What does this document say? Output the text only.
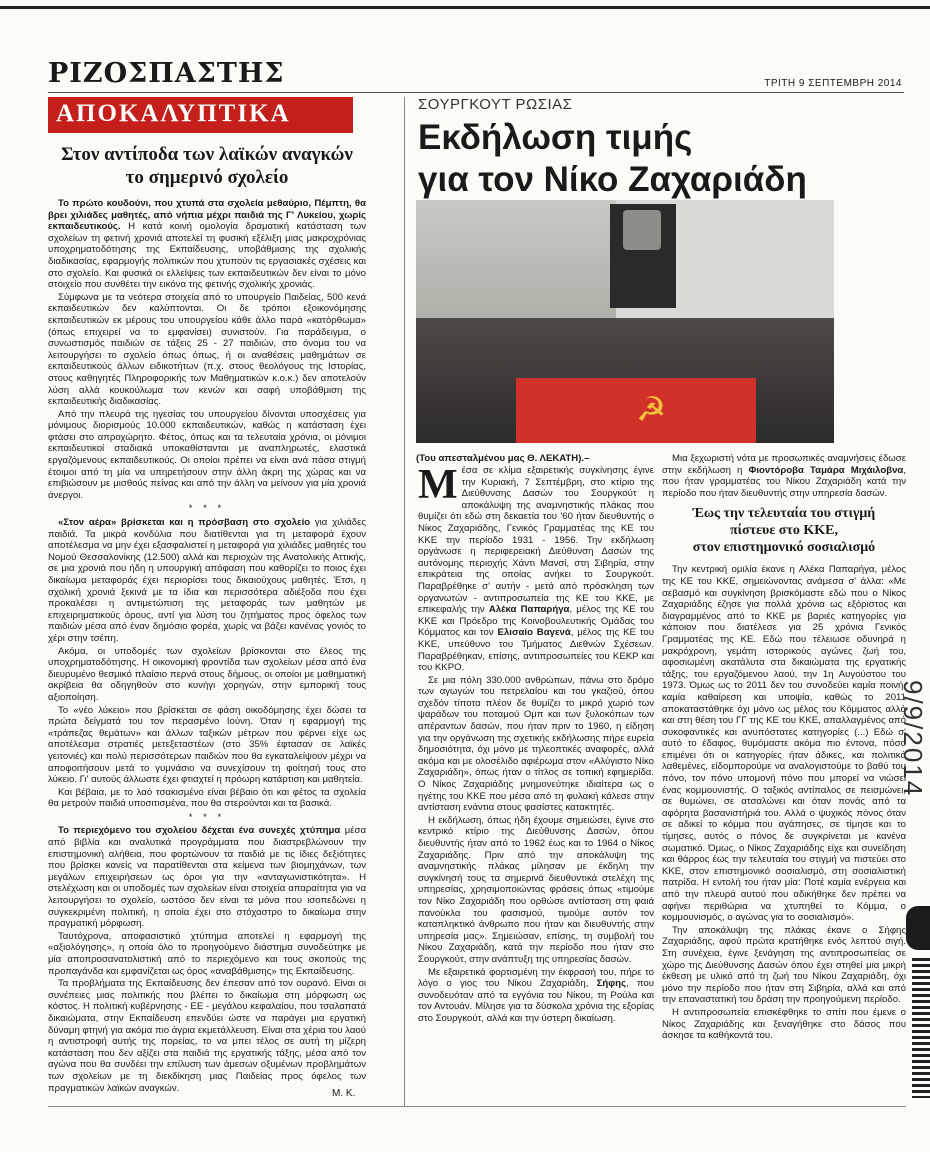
ΡΙΖΟΣΠΑΣΤΗΣ	ΤΡΙΤΗ 9 ΣΕΠΤΕΜΒΡΗ 2014
ΑΠΟΚΑΛΥΠΤΙΚΑ
Στον αντίποδα των λαϊκών αναγκών
το σημερινό σχολείο

Το πρώτο κουδούνι, που χτυπά στα σχολεία μεθαύριο, Πέμπτη, θα βρει χιλιάδες μαθητές, από νήπια μέχρι παιδιά της Γ' Λυκείου, χωρίς εκπαιδευτικούς. Η κατά κοινή ομολογία δραματική κατάσταση των σχολείων τη φετινή χρονιά αποτελεί τη φυσική εξέλιξη μιας μακροχρόνιας υποχρηματοδότησης της Εκπαίδευσης, υποβάθμισης της σχολικής διαδικασίας, εφαρμογής πολιτικών που χτυπούν τις εργασιακές σχέσεις και στο σχολείο. Και φυσικά οι ελλείψεις των εκπαιδευτικών δεν είναι το μόνο στοιχείο που συνθέτει την εικόνα της φετινής σχολικής χρονιάς.

Σύμφωνα με τα νεότερα στοιχεία από το υπουργείο Παιδείας, 500 κενά εκπαιδευτικών δεν καλύπτονται. Οι δε τρόποι εξοικονόμησης εκπαιδευτικών εκ μέρους του υπουργείου κάθε άλλο παρά «κατόρθωμα» (όπως επιχειρεί να το εμφανίσει) συνιστούν. Για παράδειγμα, ο συνωστισμός παιδιών σε τάξεις 25 - 27 παιδιών, στο όνομα του να λειτουργήσει το σχολείο όπως όπως, ή οι αναθέσεις μαθημάτων σε εκπαιδευτικούς άλλων ειδικοτήτων (π.χ. στους θεολόγους της Ιστορίας, στους καθηγητές Πληροφορικής των Μαθηματικών κ.ο.κ.) δεν αποτελούν λύση αλλά κουκούλωμα των κενών και σαφή υποβάθμιση της εκπαιδευτικής διαδικασίας.

Από την πλευρά της ηγεσίας του υπουργείου δίνονται υποσχέσεις για μόνιμους διορισμούς 10.000 εκπαιδευτικών, καθώς η κατάσταση έχει φτάσει στο απροχώρητο. Φέτος, όπως και τα τελευταία χρόνια, οι μόνιμοι εκπαιδευτικοί σταδιακά υποκαθίστανται με αναπληρωτές, ελαστικά εργαζόμενους εκπαιδευτικούς. Οι οποίοι πρέπει να είναι ανά πάσα στιγμή έτοιμοι από τη μία να υπηρετήσουν στην άλλη άκρη της χώρας και να επιβιώσουν με μισθούς πείνας και από την άλλη να μείνουν για μία χρονιά άνεργοι.

* * *

«Στον αέρα» βρίσκεται και η πρόσβαση στο σχολείο για χιλιάδες παιδιά. Τα μικρά κονδύλια που διατίθενται για τη μεταφορά έχουν αποτέλεσμα να μην έχει εξασφαλιστεί η μεταφορά για χιλιάδες μαθητές του Νομού Θεσσαλονίκης (12.500) αλλά και περιοχών της Ανατολικής Αττικής, σε μια χρονιά που ήδη η υπουργική απόφαση που καθορίζει το ποιος έχει δικαίωμα μεταφοράς έχει περιορίσει τους δικαιούχους μαθητές. Έτσι, η σχολική χρονιά ξεκινά με τα ίδια και περισσότερα αδιέξοδα που έχει προκαλέσει η αντιμετώπιση της μεταφοράς των μαθητών με επιχειρηματικούς όρους, αντί για λύση του ζητήματος προς όφελος των παιδιών μέσα από έναν δημόσιο φορέα, χωρίς να βάζει κανένας γονιός το χέρι στην τσέπη.

Ακόμα, οι υποδομές των σχολείων βρίσκονται στο έλεος της υποχρηματοδότησης. Η οικονομική φροντίδα των σχολείων μέσα από ένα διευρυμένο θεσμικό πλαίσιο περνά στους δήμους, οι οποίοι με μαθηματική ακρίβεια θα οδηγηθούν στο κυνήγι χορηγών, στην εμπορική τους αξιοποίηση.

Το «νέο λύκειο» που βρίσκεται σε φάση οικοδόμησης έχει δώσει τα πρώτα δείγματά του τον περασμένο Ιούνη. Όταν η εφαρμογή της «τράπεζας θεμάτων» και άλλων ταξικών μέτρων που φέρνει είχε ως αποτέλεσμα στρατιές μετεξεταστέων (στο 35% έφτασαν σε λαϊκές γειτονιές) και πολύ περισσότερων παιδιών που θα εγκαταλείψουν μέχρι να αποφοιτήσουν μετά το γυμνάσιο να συνεχίσουν τη φοίτησή τους στο λύκειο. Γι' αυτούς άλλωστε έχει φτιαχτεί η πρόωρη κατάρτιση και μαθητεία.

Και βέβαια, με το λαό τσακισμένο είναι βέβαιο ότι και φέτος τα σχολεία θα μετρούν παιδιά υποσιτισμένα, που θα στερούνται και τα βασικά.

* * *

Το περιεχόμενο του σχολείου δέχεται ένα συνεχές χτύπημα μέσα από βιβλία και αναλυτικά προγράμματα που διαστρεβλώνουν την επιστημονική αλήθεια, που φορτώνουν τα παιδιά με τις ίδιες δεξιότητες που βρίσκει κανείς να παρατίθενται στα κείμενα των βιομηχάνων, των μεγάλων επιχειρήσεων ως όροι για την «ανταγωνιστικότητα». Η στελέχωση και οι υποδομές των σχολείων είναι στοιχεία απαραίτητα για να λειτουργήσει το σχολείο, ωστόσο δεν είναι τα μόνα που ισοπεδώνει η συγκεκριμένη πολιτική, η οποία έχει στο στόχαστρο το δικαίωμα στην πραγματική μόρφωση.

Ταυτόχρονα, αποφασιστικό χτύπημα αποτελεί η εφαρμογή της «αξιολόγησης», η οποία όλο το προηγούμενο διάστημα συνοδεύτηκε με μία αποπροσανατολιστική από το περιεχόμενο και τους σκοπούς της προπαγάνδα και εμφανίζεται ως όρος «αναβάθμισης» της Εκπαίδευσης.

Τα προβλήματα της Εκπαίδευσης δεν έπεσαν από τον ουρανό. Είναι οι συνέπειες μιας πολιτικής που βλέπει το δικαίωμα στη μόρφωση ως κόστος. Η πολιτική κυβέρνησης - ΕΕ - μεγάλου κεφαλαίου, που τσαλαπατά δικαιώματα, στην Εκπαίδευση επενδύει ώστε να παράγει μια εργατική δύναμη φτηνή για ακόμα πιο άγρια εκμετάλλευση. Είναι στα χέρια του λαού η αντιστροφή αυτής της πορείας, το να μπει τέλος σε αυτή τη μίζερη κατάσταση που δεν αξίζει στα παιδιά της εργατικής τάξης, μέσα από τον αγώνα που θα συνδέει την επίλυση των άμεσων οξυμένων προβλημάτων των σχολείων με τη διεκδίκηση μιας Παιδείας προς όφελος των πραγματικών λαϊκών αναγκών.	Μ. Κ.
ΣΟΥΡΓΚΟΥΤ ΡΩΣΙΑΣ
Εκδήλωση τιμής
για τον Νίκο Ζαχαριάδη
☭
(Του απεσταλμένου μας Θ. ΛΕΚΑΤΗ).–

Μέσα σε κλίμα εξαιρετικής συγκίνησης έγινε την Κυριακή, 7 Σεπτέμβρη, στο κτίριο της Διεύθυνσης Δασών του Σουργκούτ η αποκάλυψη της αναμνηστικής πλάκας που θυμίζει ότι εδώ στη δεκαετία του '60 ήταν διευθυντής ο Νίκος Ζαχαριάδης, Γενικός Γραμματέας της ΚΕ του ΚΚΕ την περίοδο 1931 - 1956. Την εκδήλωση οργάνωσε η περιφερειακή Διεύθυνση Δασών της αυτόνομης περιοχής Χάντι Μανσί, στη Σιβηρία, στην επικράτεια της οποίας ανήκει το Σουργκούτ. Παραβρέθηκε σ' αυτήν - μετά από πρόσκληση των οργανωτών - αντιπροσωπεία της ΚΕ του ΚΚΕ, με επικεφαλής την Αλέκα Παπαρήγα, μέλος της ΚΕ του ΚΚΕ και Πρόεδρο της Κοινοβουλευτικής Ομάδας του Κόμματος και τον Ελισαίο Βαγενά, μέλος της ΚΕ του ΚΚΕ, υπεύθυνο του Τμήματος Διεθνών Σχέσεων. Παραβρέθηκαν, επίσης, αντιπροσωπείες του ΚΕΚΡ και του ΚΚΡΟ.

Σε μια πόλη 330.000 ανθρώπων, πάνω στο δρόμο των αγωγών του πετρελαίου και του γκαζιού, όπου σχεδόν τίποτα πλέον δε θυμίζει το μικρό χωριό των ψαράδων του ποταμού Ομπ και των ξυλοκόπων των απέραντων δασών, που ήταν πριν το 1960, η είδηση για την οργάνωση της σχετικής εκδήλωσης πήρε ευρεία δημοσιότητα, όχι μόνο με τηλεοπτικές αναφορές, αλλά ακόμα και με ολοσέλιδο αφιέρωμα στον «Αλύγιστο Νίκο Ζαχαριάδη», όπως ήταν ο τίτλος σε τοπική εφημερίδα. Ο Νίκος Ζαχαριάδης μνημονεύτηκε ιδιαίτερα ως ο ηγέτης του ΚΚΕ που μέσα από τη φυλακή κάλεσε στην αντίσταση ενάντια στους φασίστες κατακτητές.

Η εκδήλωση, όπως ήδη έχουμε σημειώσει, έγινε στο κεντρικό κτίριο της Διεύθυνσης Δασών, όπου διευθυντής ήταν από το 1962 έως και το 1964 ο Νίκος Ζαχαριάδης. Πριν από την αποκάλυψη της αναμνηστικής πλάκας μίλησαν με έκδηλη την συγκίνησή τους τα σημερινά διευθυντικά στελέχη της υπηρεσίας, χρησιμοποιώντας φράσεις όπως «τιμούμε τον Νίκο Ζαχαριάδη που ορθώσε αντίσταση στη φαιά πανούκλα του φασισμού, τιμούμε αυτόν τον καταπληκτικό άνθρωπο που ήταν και διευθυντής στην υπηρεσία μας». Σημειώσαν, επίσης, τη συμβολή του Νίκου Ζαχαριάδη, κατά την περίοδο που ήταν στο Σουργκούτ, στην ανάπτυξη της υπηρεσίας δασών.

Με εξαιρετικά φορτισμένη την έκφρασή του, πήρε το λόγο ο γιος του Νίκου Ζαχαριάδη, Σήφης, που συνοδευόταν από τα εγγόνια του Νίκου, τη Ρούλα και τον Αντουάν. Μίλησε για τα δύσκολα χρόνια της εξορίας στο Σουργκούτ, αλλά και την ύστερη δικαίωση.

Μια ξεχωριστή νότα με προσωπικές αναμνήσεις έδωσε στην εκδήλωση η Φιοντόροβα Ταμάρα Μιχάιλοβνα, που ήταν γραμματέας του Νίκου Ζαχαριάδη κατά την περίοδο που ήταν διευθυντής στην υπηρεσία δασών.

Έως την τελευταία του στιγμή
πίστευε στο ΚΚΕ,
στον επιστημονικό σοσιαλισμό

Την κεντρική ομιλία έκανε η Αλέκα Παπαρήγα, μέλος της ΚΕ του ΚΚΕ, σημειώνοντας ανάμεσα σ' άλλα: «Με σεβασμό και συγκίνηση βρισκόμαστε εδώ που ο Νίκος Ζαχαριάδης έζησε για πολλά χρόνια ως εξόριστος και διαγραμμένος από το ΚΚΕ με βαριές κατηγορίες για κάποιον που διατέλεσε για 25 χρόνια Γενικός Γραμματέας της ΚΕ. Εδώ που τέλειωσε οδυνηρά η μακρόχρονη, γεμάτη ιστορικούς αγώνες ζωή του, αφοσιωμένη ακατάλυτα στα δικαιώματα της εργατικής τάξης, του εργαζόμενου λαού, την 1η Αυγούστου του 1973. Όμως ως το 2011 δεν του συνοδεύει καμία ποινή, καμία καθαίρεση και υποψία, καθώς το 2011 αποκαταστάθηκε όχι μόνο ως μέλος του Κόμματος αλλά και στη θέση του ΓΓ της ΚΕ του ΚΚΕ, απαλλαγμένος από συκοφαντικές και ανυπόστατες κατηγορίες (...) Εδώ σ' αυτό το έδαφος, θυμόμαστε ακόμα πιο έντονα, πόσο επιμένει ότι οι κατηγορίες ήταν άδικες, και πολιτικά λαθεμένες, είδομπορούμε να αναλογιστούμε το βαθύ του πόνο, τον πόνο υπομονή πόνο που μπορεί να νιώσει ένας κομμουνιστής. Ο ταξικός αντίπαλος σε πεισμώνει, σε θυμώνει, σε ατσαλώνει και όταν πονάς από τα αφόρητα βασανιστήριά του. Αλλά ο ψυχικός πόνος όταν σε αδικεί το κόμμα που αγάπησες, σε τίμησε και το τίμησες, αυτός ο πόνος δε συγκρίνεται με κανένα σωματικό. Όμως, ο Νίκος Ζαχαριάδης είχε και συνείδηση και θάρρος έως την τελευταία του στιγμή να πιστεύει στο ΚΚΕ, στον επιστημονικό σοσιαλισμό, στη σοσιαλιστική πατρίδα. Η εντολή του ήταν μία: Ποτέ καμία ενέργεια και από την πλευρά αυτού που αδικήθηκε δεν πρέπει να αφήνει περιθώρια να χτυπηθεί το Κόμμα, ο κομμουνισμός, ο αγώνας για το σοσιαλισμό».

Την αποκάλυψη της πλάκας έκανε ο Σήφης Ζαχαριάδης, αφού πρώτα κρατήθηκε ενός λεπτού σιγή. Στη συνέχεια, έγινε ξενάγηση της αντιπροσωπείας σε χώρο της Διεύθυνσης Δασών όπου έχει στηθεί μια μικρή έκθεση με υλικό από τη ζωή του Νίκου Ζαχαριάδη, όχι μόνο την περίοδο που ήταν στη Σιβηρία, αλλά και από την επαναστατική του δράση την προηγούμενη περίοδο.

Η αντιπροσωπεία επισκέφθηκε το σπίτι που έμενε ο Νίκος Ζαχαριάδης και ξεναγήθηκε στο δάσος που άσκησε τα καθήκοντά του.

9/9/2014
